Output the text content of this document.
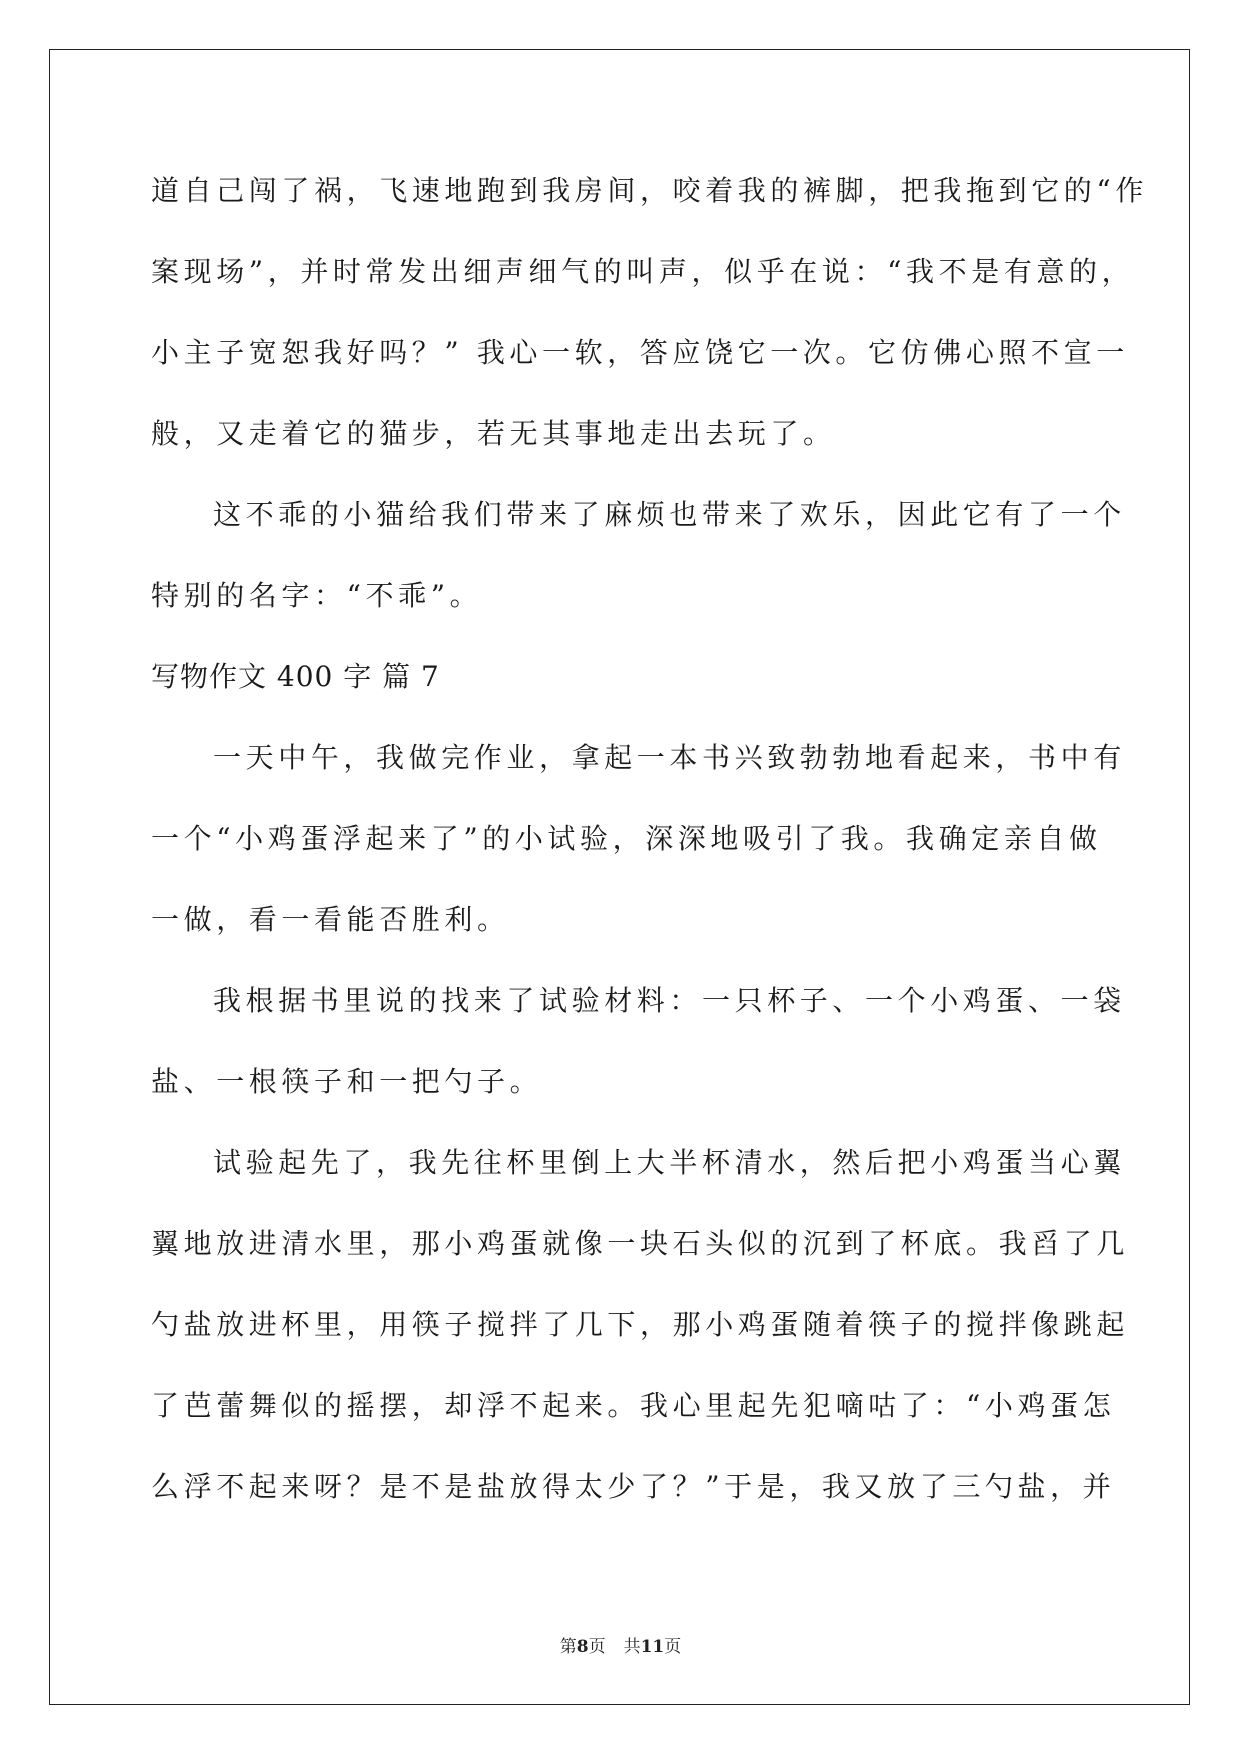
道自己闯了祸，飞速地跑到我房间，咬着我的裤脚，把我拖到它的“作
案现场”，并时常发出细声细气的叫声，似乎在说：“我不是有意的，
小主子宽恕我好吗？” 我心一软，答应饶它一次。它仿佛心照不宣一
般，又走着它的猫步，若无其事地走出去玩了。
这不乖的小猫给我们带来了麻烦也带来了欢乐，因此它有了一个
特别的名字：“不乖”。
写物作文 400 字 篇 7
一天中午，我做完作业，拿起一本书兴致勃勃地看起来，书中有
一个“小鸡蛋浮起来了”的小试验，深深地吸引了我。我确定亲自做
一做，看一看能否胜利。
我根据书里说的找来了试验材料：一只杯子、一个小鸡蛋、一袋
盐、一根筷子和一把勺子。
试验起先了，我先往杯里倒上大半杯清水，然后把小鸡蛋当心翼
翼地放进清水里，那小鸡蛋就像一块石头似的沉到了杯底。我舀了几
勺盐放进杯里，用筷子搅拌了几下，那小鸡蛋随着筷子的搅拌像跳起
了芭蕾舞似的摇摆，却浮不起来。我心里起先犯嘀咕了：“小鸡蛋怎
么浮不起来呀？是不是盐放得太少了？”于是，我又放了三勺盐，并
第8页 共11页
